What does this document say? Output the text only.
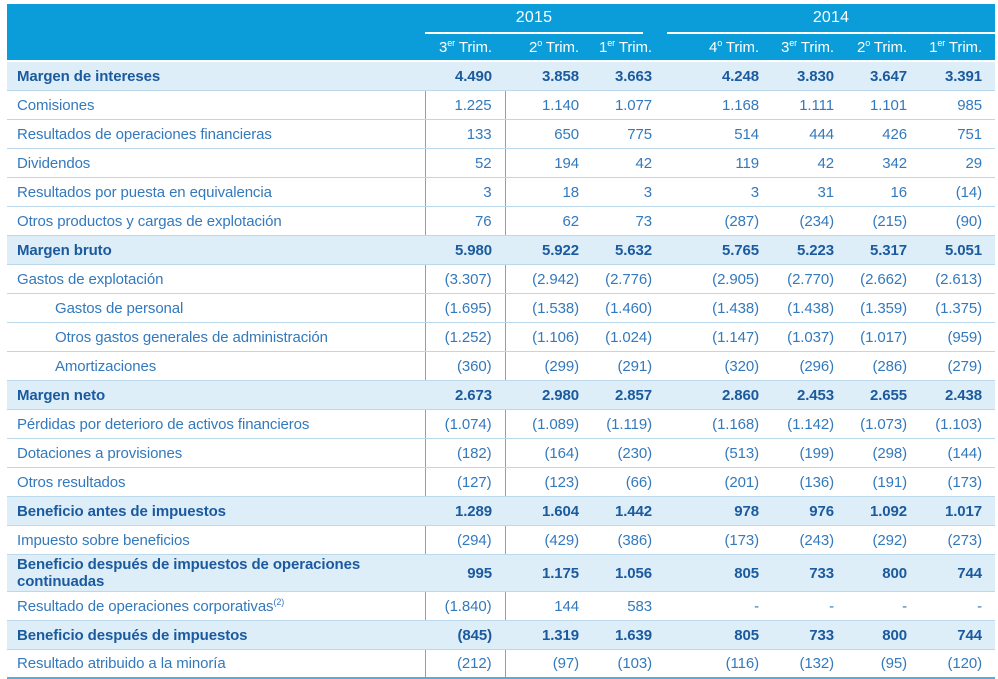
	2015			2014			

	3er Trim.	2$^o$ Trim.	1er Trim.	4$^o$ Trim.	3er Trim.	2$^o$ Trim.	1er Trim.
Margen de intereses	4.490	3.858	3.663	4.248	3.830	3.647	3.391
Comisiones	1.225	1.140	1.077	1.168	1.111	1.101	985
Resultados de operaciones financieras	133	650	775	514	444	426	751
Dividendos	52	194	42	119	42	342	29
Resultados por puesta en equivalencia	3	18	3	3	31	16	(14)
Otros productos y cargas de explotación	76	62	73	(287)	(234)	(215)	(90)
Margen bruto	5.980	5.922	5.632	5.765	5.223	5.317	5.051
Gastos de explotación	(3.307)	(2.942)	(2.776)	(2.905)	(2.770)	(2.662)	(2.613)
Gastos de personal	(1.695)	(1.538)	(1.460)	(1.438)	(1.438)	(1.359)	(1.375)
Otros gastos generales de administración	(1.252)	(1.106)	(1.024)	(1.147)	(1.037)	(1.017)	(959)
Amortizaciones	(360)	(299)	(291)	(320)	(296)	(286)	(279)
Margen neto	2.673	2.980	2.857	2.860	2.453	2.655	2.438
Pérdidas por deterioro de activos financieros	(1.074)	(1.089)	(1.119)	(1.168)	(1.142)	(1.073)	(1.103)
Dotaciones a provisiones	(182)	(164)	(230)	(513)	(199)	(298)	(144)
Otros resultados	(127)	(123)	(66)	(201)	(136)	(191)	(173)
Beneficio antes de impuestos	1.289	1.604	1.442	978	976	1.092	1.017
Impuesto sobre beneficios	(294)	(429)	(386)	(173)	(243)	(292)	(273)
Beneficio después de impuestos de operaciones continuadas	995	1.175	1.056	805	733	800	744
Resultado de operaciones corporativas$^{(2)}$	(1.840)	144	583	-	-	-	-
Beneficio después de impuestos	(845)	1.319	1.639	805	733	800	744
Resultado atribuido a la minoría	(212)	(97)	(103)	(116)	(132)	(95)	(120)
